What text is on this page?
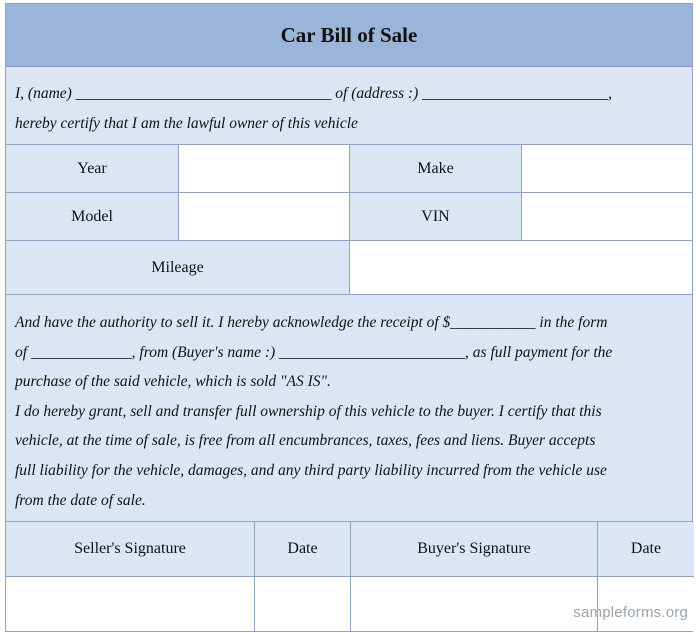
Car Bill of Sale
I, (name) _________________________________ of (address :) ________________________,
hereby certify that I am the lawful owner of this vehicle
Year	Make
Model	VIN
Mileage

And have the authority to sell it. I hereby acknowledge the receipt of $___________ in the form

of _____________, from (Buyer's name :) ________________________, as full payment for the

purchase of the said vehicle, which is sold "AS IS".

I do hereby grant, sell and transfer full ownership of this vehicle to the buyer. I certify that this

vehicle, at the time of sale, is free from all encumbrances, taxes, fees and liens. Buyer accepts

full liability for the vehicle, damages, and any third party liability incurred from the vehicle use

from the date of sale.

Seller's Signature	Date	Buyer's Signature	Date
sampleforms.org
